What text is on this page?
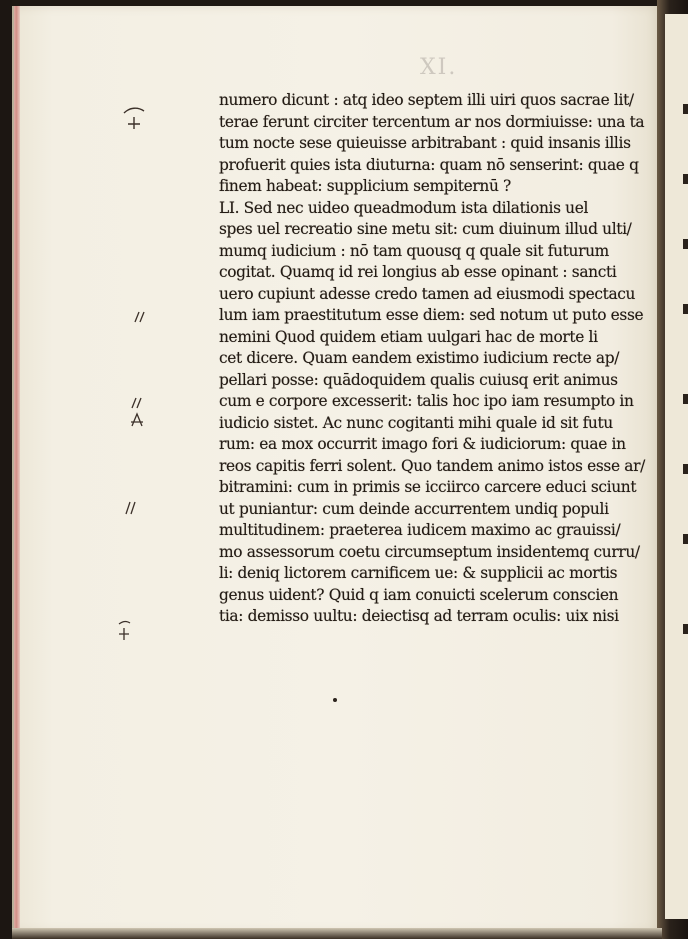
XI.
numero dicunt : atq ideo septem illi uiri quos sacrae lit/
terae ferunt circiter tercentum ar nos dormiuisse: una ta
tum nocte sese quieuisse arbitrabant : quid insanis illis
profuerit quies ista diuturna: quam nō senserint: quae q
finem habeat: supplicium sempiternū ?
LI. Sed nec uideo queadmodum ista dilationis uel
spes uel recreatio sine metu sit: cum diuinum illud ulti/
mumq iudicium : nō tam quousq q quale sit futurum
cogitat. Quamq id rei longius ab esse opinant : sancti
uero cupiunt adesse credo tamen ad eiusmodi spectacu
lum iam praestitutum esse diem: sed notum ut puto esse
nemini Quod quidem etiam uulgari hac de morte li
cet dicere. Quam eandem existimo iudicium recte ap/
pellari posse: quādoquidem qualis cuiusq erit animus
cum e corpore excesserit: talis hoc ipo iam resumpto in
iudicio sistet. Ac nunc cogitanti mihi quale id sit futu
rum: ea mox occurrit imago fori & iudiciorum: quae in
reos capitis ferri solent. Quo tandem animo istos esse ar/
bitramini: cum in primis se icciirco carcere educi sciunt
ut puniantur: cum deinde accurrentem undiq populi
multitudinem: praeterea iudicem maximo ac grauissi/
mo assessorum coetu circumseptum insidentemq curru/
li: deniq lictorem carnificem ue: & supplicii ac mortis
genus uident? Quid q iam conuicti scelerum conscien
tia: demisso uultu: deiectisq ad terram oculis: uix nisi
